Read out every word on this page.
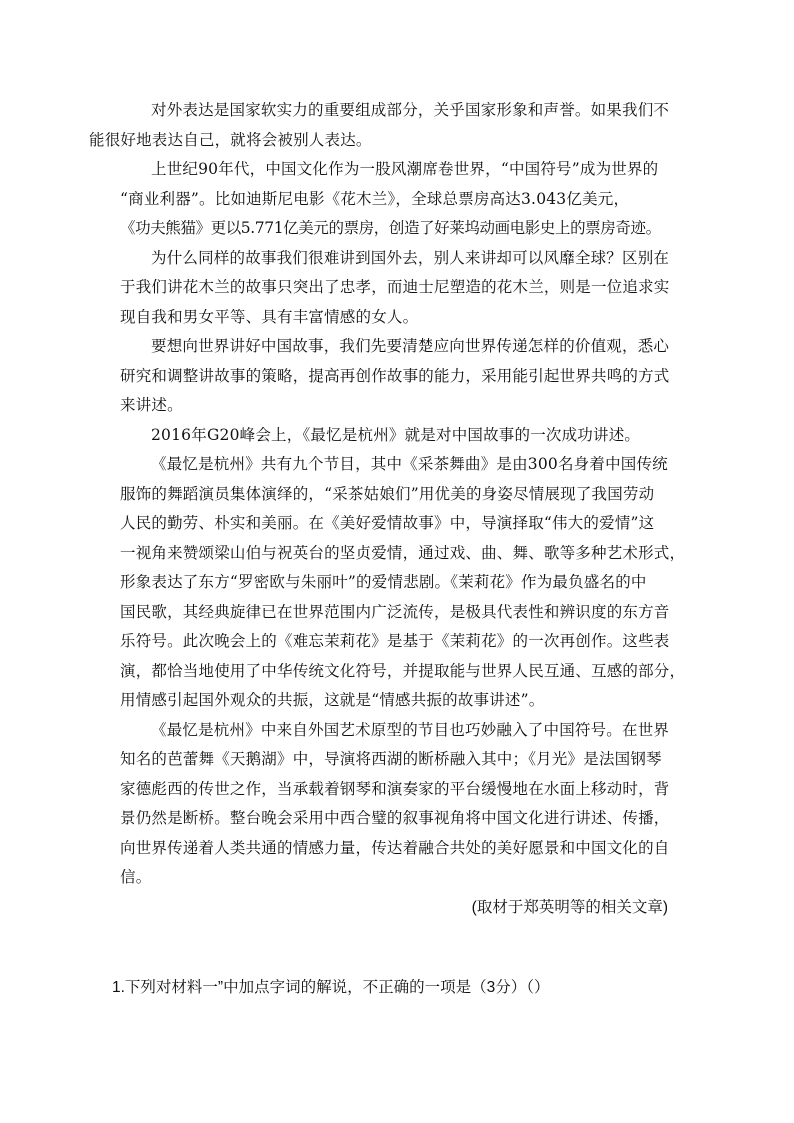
对外表达是国家软实力的重要组成部分，关乎国家形象和声誉。如果我们不
能很好地表达自己，就将会被别人表达。

上世纪90年代，中国文化作为一股风潮席卷世界，“中国符号”成为世界的
“商业利器”。比如迪斯尼电影《花木兰》，全球总票房高达3.043亿美元，
《功夫熊猫》更以5.771亿美元的票房，创造了好莱坞动画电影史上的票房奇迹。

为什么同样的故事我们很难讲到国外去，别人来讲却可以风靡全球？区别在
于我们讲花木兰的故事只突出了忠孝，而迪士尼塑造的花木兰，则是一位追求实
现自我和男女平等、具有丰富情感的女人。

要想向世界讲好中国故事，我们先要清楚应向世界传递怎样的价值观，悉心
研究和调整讲故事的策略，提高再创作故事的能力，采用能引起世界共鸣的方式
来讲述。

2016年G20峰会上，《最忆是杭州》就是对中国故事的一次成功讲述。

《最忆是杭州》共有九个节目，其中《采茶舞曲》是由300名身着中国传统
服饰的舞蹈演员集体演绎的，“采茶姑娘们”用优美的身姿尽情展现了我国劳动
人民的勤劳、朴实和美丽。在《美好爱情故事》中，导演择取“伟大的爱情”这
一视角来赞颂梁山伯与祝英台的坚贞爱情，通过戏、曲、舞、歌等多种艺术形式，
形象表达了东方“罗密欧与朱丽叶”的爱情悲剧。《茉莉花》作为最负盛名的中
国民歌，其经典旋律已在世界范围内广泛流传，是极具代表性和辨识度的东方音
乐符号。此次晚会上的《难忘茉莉花》是基于《茉莉花》的一次再创作。这些表
演，都恰当地使用了中华传统文化符号，并提取能与世界人民互通、互感的部分，
用情感引起国外观众的共振，这就是“情感共振的故事讲述”。

《最忆是杭州》中来自外国艺术原型的节目也巧妙融入了中国符号。在世界
知名的芭蕾舞《天鹅湖》中，导演将西湖的断桥融入其中；《月光》是法国钢琴
家德彪西的传世之作，当承载着钢琴和演奏家的平台缓慢地在水面上移动时，背
景仍然是断桥。整台晚会采用中西合璧的叙事视角将中国文化进行讲述、传播，
向世界传递着人类共通的情感力量，传达着融合共处的美好愿景和中国文化的自
信。

(取材于郑英明等的相关文章)

1.下列对材料一”中加点字词的解说，不正确的一项是（3分）（）
